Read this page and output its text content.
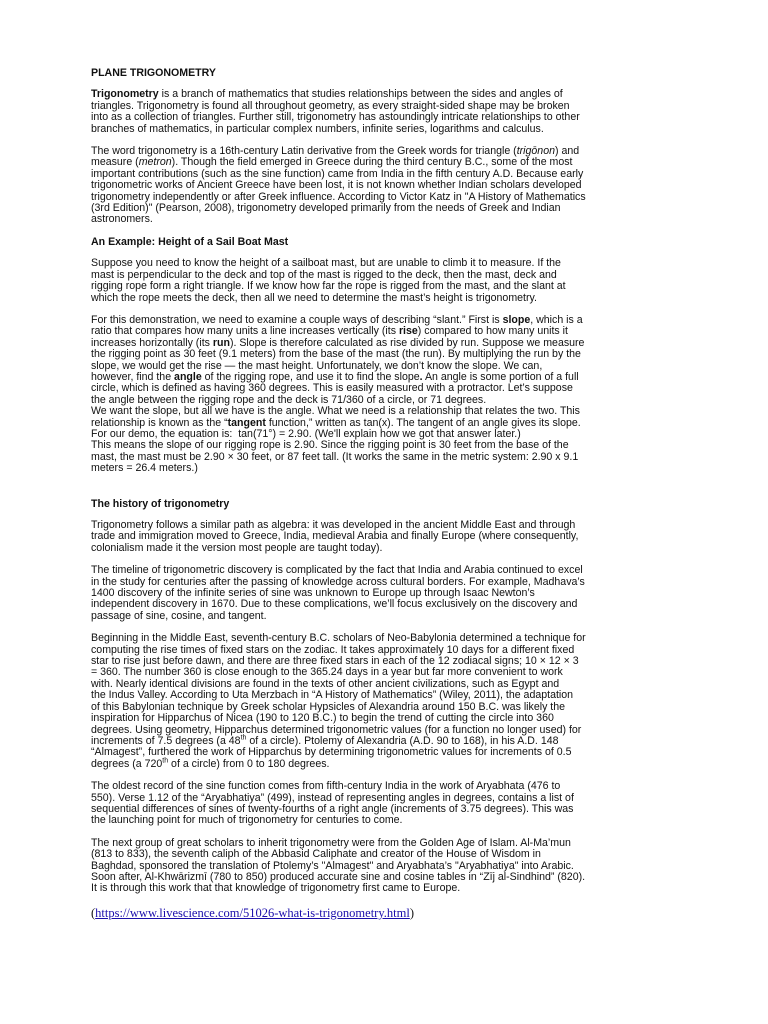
PLANE TRIGONOMETRY
Trigonometry is a branch of mathematics that studies relationships between the sides and angles of
triangles. Trigonometry is found all throughout geometry, as every straight-sided shape may be broken
into as a collection of triangles. Further still, trigonometry has astoundingly intricate relationships to other
branches of mathematics, in particular complex numbers, infinite series, logarithms and calculus.
The word trigonometry is a 16th-century Latin derivative from the Greek words for triangle (trigōnon) and
measure (metron). Though the field emerged in Greece during the third century B.C., some of the most
important contributions (such as the sine function) came from India in the fifth century A.D. Because early
trigonometric works of Ancient Greece have been lost, it is not known whether Indian scholars developed
trigonometry independently or after Greek influence. According to Victor Katz in "A History of Mathematics
(3rd Edition)" (Pearson, 2008), trigonometry developed primarily from the needs of Greek and Indian
astronomers.
An Example: Height of a Sail Boat Mast
Suppose you need to know the height of a sailboat mast, but are unable to climb it to measure. If the
mast is perpendicular to the deck and top of the mast is rigged to the deck, then the mast, deck and
rigging rope form a right triangle. If we know how far the rope is rigged from the mast, and the slant at
which the rope meets the deck, then all we need to determine the mast’s height is trigonometry.
For this demonstration, we need to examine a couple ways of describing “slant.” First is slope, which is a
ratio that compares how many units a line increases vertically (its rise) compared to how many units it
increases horizontally (its run). Slope is therefore calculated as rise divided by run. Suppose we measure
the rigging point as 30 feet (9.1 meters) from the base of the mast (the run). By multiplying the run by the
slope, we would get the rise — the mast height. Unfortunately, we don’t know the slope. We can,
however, find the angle of the rigging rope, and use it to find the slope. An angle is some portion of a full
circle, which is defined as having 360 degrees. This is easily measured with a protractor. Let’s suppose
the angle between the rigging rope and the deck is 71/360 of a circle, or 71 degrees.
We want the slope, but all we have is the angle. What we need is a relationship that relates the two. This
relationship is known as the “tangent function,” written as tan(x). The tangent of an angle gives its slope.
For our demo, the equation is:  tan(71°) = 2.90. (We'll explain how we got that answer later.)
This means the slope of our rigging rope is 2.90. Since the rigging point is 30 feet from the base of the
mast, the mast must be 2.90 × 30 feet, or 87 feet tall. (It works the same in the metric system: 2.90 x 9.1
meters = 26.4 meters.)
The history of trigonometry
Trigonometry follows a similar path as algebra: it was developed in the ancient Middle East and through
trade and immigration moved to Greece, India, medieval Arabia and finally Europe (where consequently,
colonialism made it the version most people are taught today).
The timeline of trigonometric discovery is complicated by the fact that India and Arabia continued to excel
in the study for centuries after the passing of knowledge across cultural borders. For example, Madhava’s
1400 discovery of the infinite series of sine was unknown to Europe up through Isaac Newton’s
independent discovery in 1670. Due to these complications, we’ll focus exclusively on the discovery and
passage of sine, cosine, and tangent.
Beginning in the Middle East, seventh-century B.C. scholars of Neo-Babylonia determined a technique for
computing the rise times of fixed stars on the zodiac. It takes approximately 10 days for a different fixed
star to rise just before dawn, and there are three fixed stars in each of the 12 zodiacal signs; 10 × 12 × 3
= 360. The number 360 is close enough to the 365.24 days in a year but far more convenient to work
with. Nearly identical divisions are found in the texts of other ancient civilizations, such as Egypt and
the Indus Valley. According to Uta Merzbach in “A History of Mathematics” (Wiley, 2011), the adaptation
of this Babylonian technique by Greek scholar Hypsicles of Alexandria around 150 B.C. was likely the
inspiration for Hipparchus of Nicea (190 to 120 B.C.) to begin the trend of cutting the circle into 360
degrees. Using geometry, Hipparchus determined trigonometric values (for a function no longer used) for
increments of 7.5 degrees (a 48th of a circle). Ptolemy of Alexandria (A.D. 90 to 168), in his A.D. 148
“Almagest”, furthered the work of Hipparchus by determining trigonometric values for increments of 0.5
degrees (a 720th of a circle) from 0 to 180 degrees.
The oldest record of the sine function comes from fifth-century India in the work of Aryabhata (476 to
550). Verse 1.12 of the “Aryabhatiya” (499), instead of representing angles in degrees, contains a list of
sequential differences of sines of twenty-fourths of a right angle (increments of 3.75 degrees). This was
the launching point for much of trigonometry for centuries to come.
The next group of great scholars to inherit trigonometry were from the Golden Age of Islam. Al-Ma’mun
(813 to 833), the seventh caliph of the Abbasid Caliphate and creator of the House of Wisdom in
Baghdad, sponsored the translation of Ptolemy’s "Almagest" and Aryabhata’s "Aryabhatiya" into Arabic.
Soon after, Al-Khwārizmī (780 to 850) produced accurate sine and cosine tables in “Zīj al-Sindhind” (820).
It is through this work that that knowledge of trigonometry first came to Europe.
(https://www.livescience.com/51026-what-is-trigonometry.html)
